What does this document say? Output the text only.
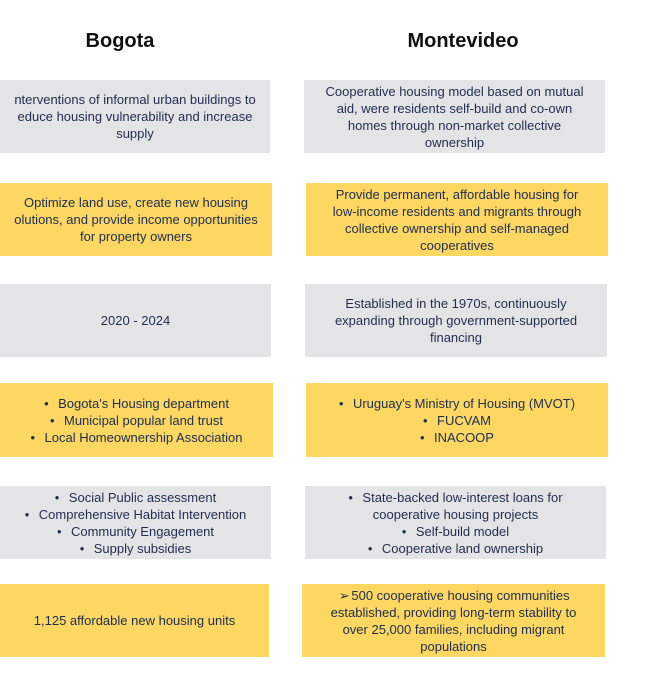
Bogota	Montevideo
nterventions of informal urban buildings to
educe housing vulnerability and increase
supply
Cooperative housing model based on mutual
aid, were residents self-build and co-own
homes through non-market collective
ownership
Optimize land use, create new housing
olutions, and provide income opportunities
for property owners
Provide permanent, affordable housing for
low-income residents and migrants through
collective ownership and self-managed
cooperatives
2020 - 2024
Established in the 1970s, continuously
expanding through government-supported
financing
• Bogota's Housing department
• Municipal popular land trust
• Local Homeownership Association
• Uruguay's Ministry of Housing (MVOT)
• FUCVAM
• INACOOP
• Social Public assessment
• Comprehensive Habitat Intervention
• Community Engagement
• Supply subsidies
• State-backed low-interest loans for
cooperative housing projects
• Self-build model
• Cooperative land ownership
1,125 affordable new housing units
➢ 500 cooperative housing communities
established, providing long-term stability to
over 25,000 families, including migrant
populations
